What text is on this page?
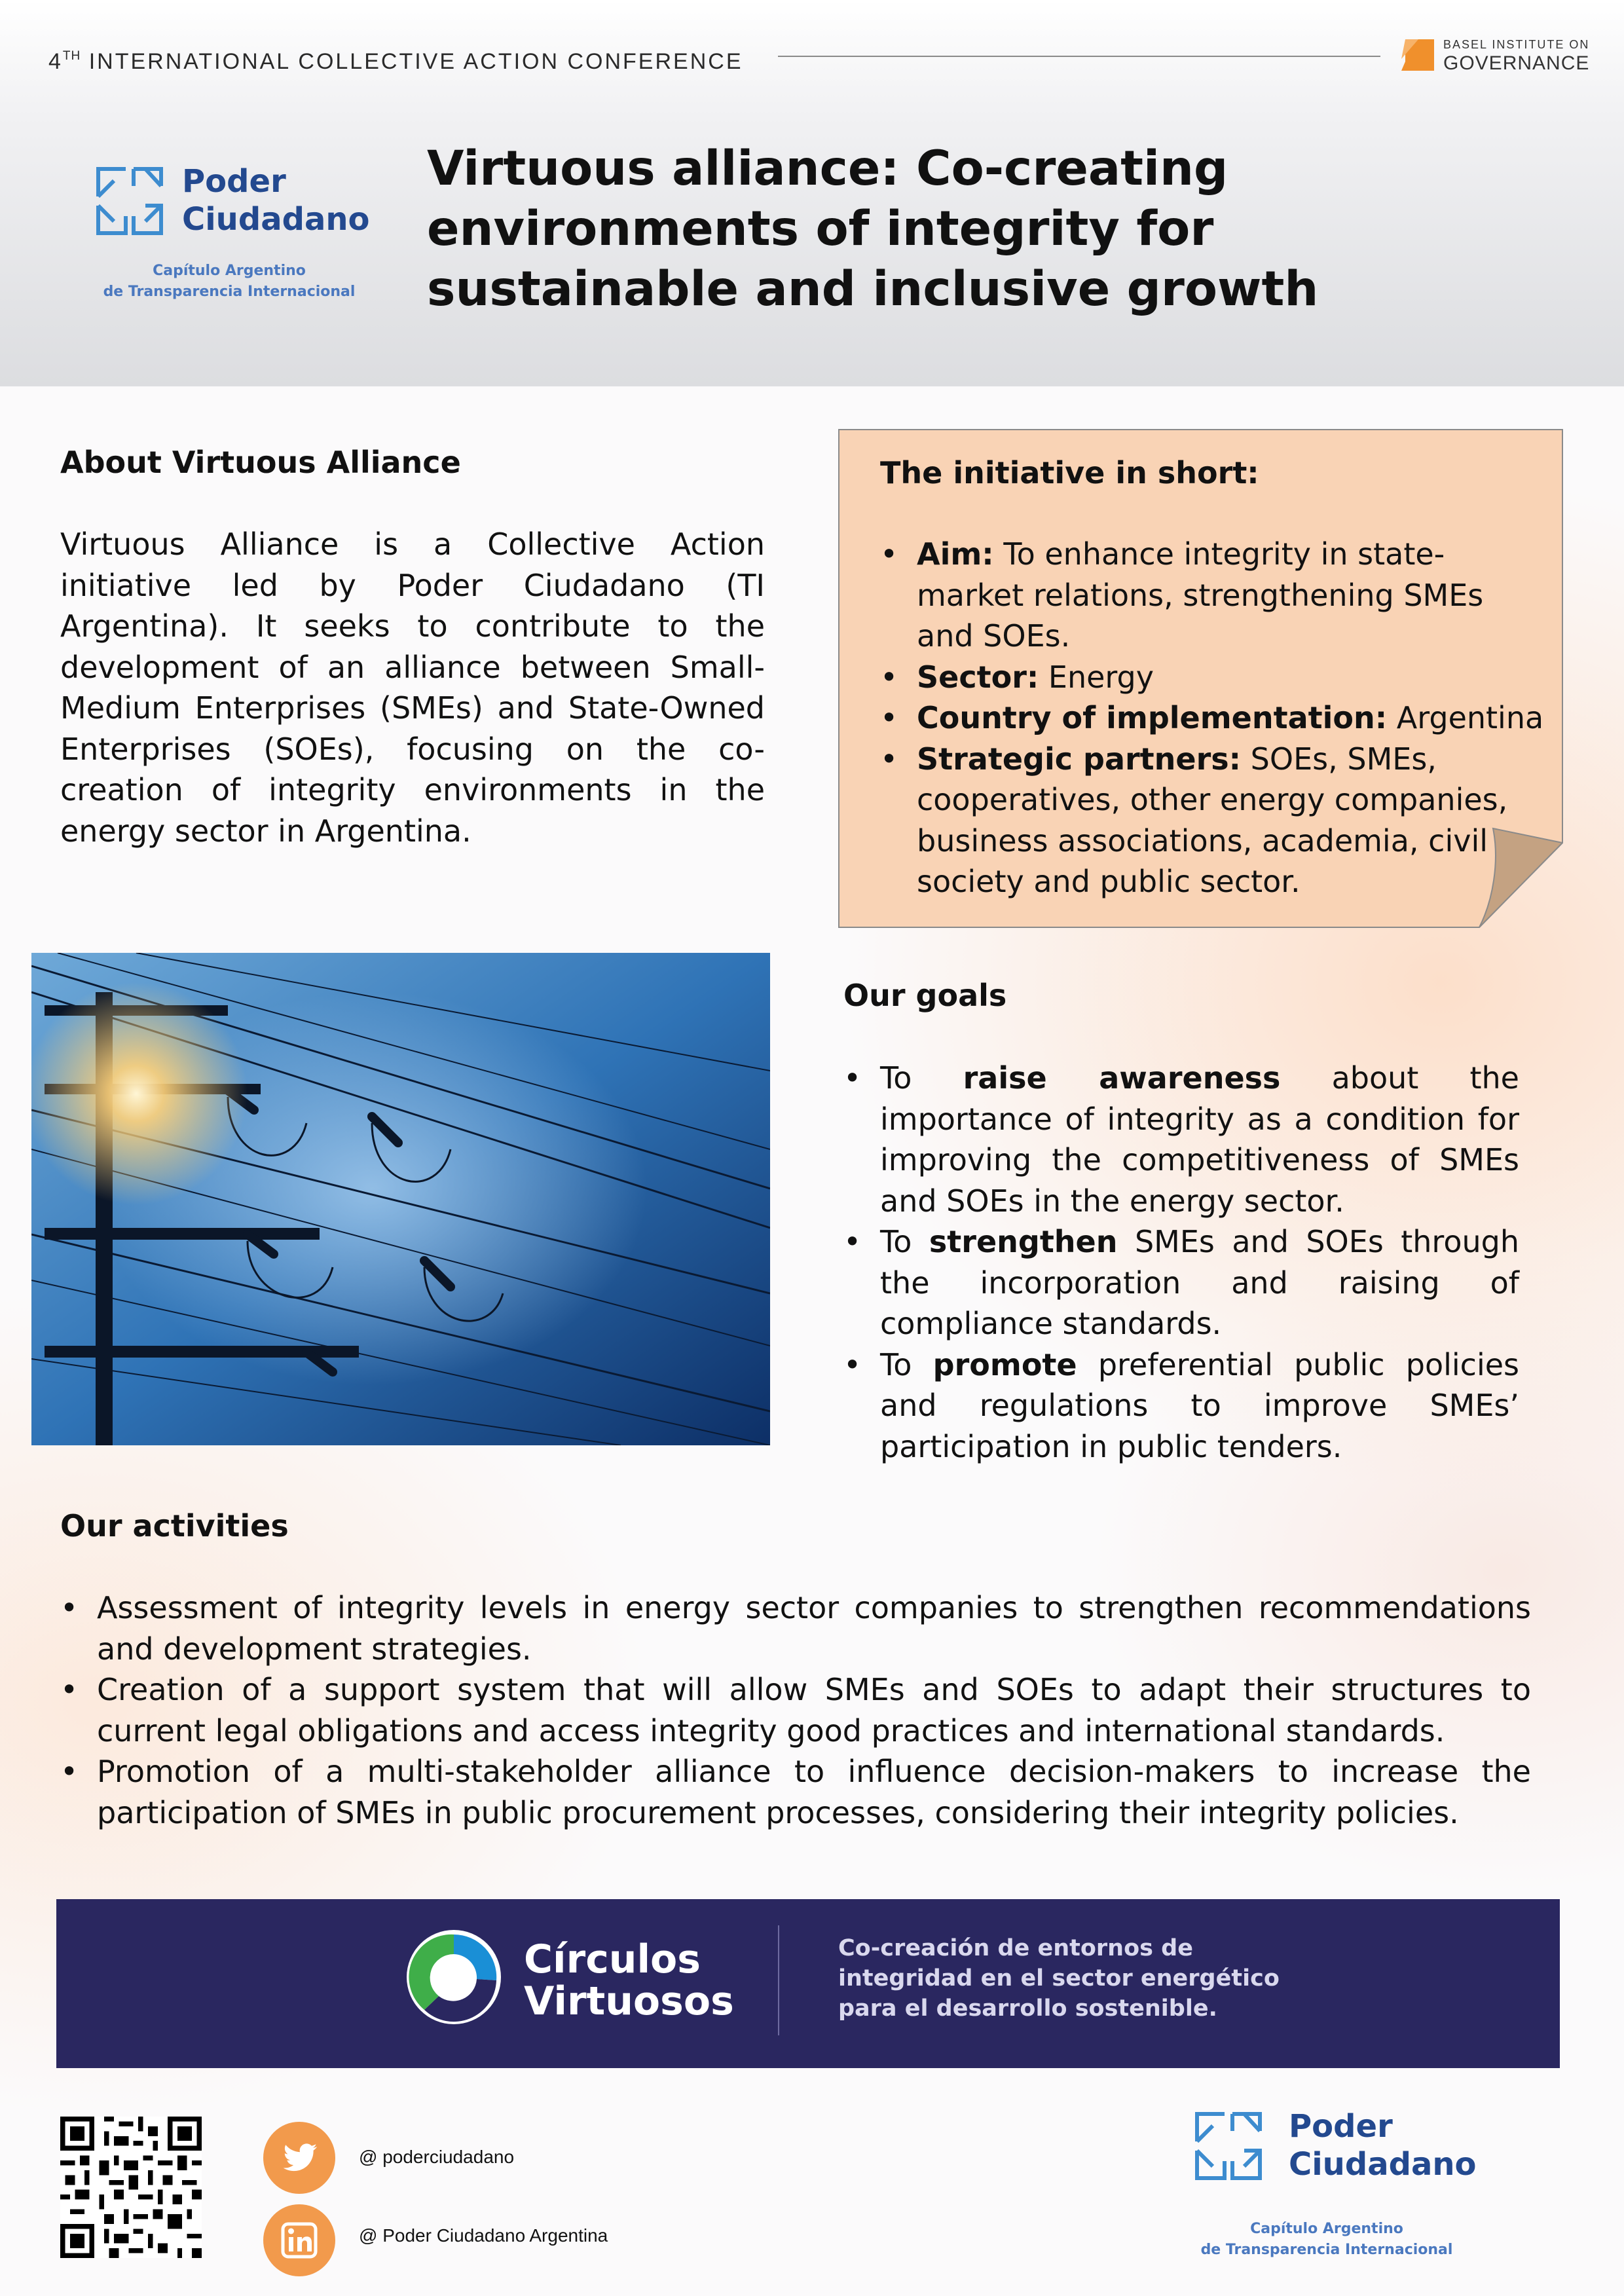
4TH INTERNATIONAL COLLECTIVE ACTION CONFERENCE
BASEL INSTITUTE ON
GOVERNANCE
Poder
Ciudadano
Capítulo Argentino
de Transparencia Internacional
Virtuous alliance: Co-creating environments of integrity for sustainable and inclusive growth
About Virtuous Alliance

Virtuous Alliance is a Collective Action initiative led by Poder Ciudadano (TI Argentina). It seeks to contribute to the development of an alliance between Small-Medium Enterprises (SMEs) and State-Owned Enterprises (SOEs), focusing on the co-creation of integrity environments in the energy sector in Argentina.

The initiative in short:
• Aim: To enhance integrity in state-market relations, strengthening SMEs and SOEs.
• Sector: Energy
• Country of implementation: Argentina
• Strategic partners: SOEs, SMEs, cooperatives, other energy companies, business associations, academia, civil society and public sector.
Our goals
• To raise awareness about the importance of integrity as a condition for improving the competitiveness of SMEs and SOEs in the energy sector.
• To strengthen SMEs and SOEs through the incorporation and raising of compliance standards.
• To promote preferential public policies and regulations to improve SMEs’ participation in public tenders.
Our activities
• Assessment of integrity levels in energy sector companies to strengthen recommendations and development strategies.
• Creation of a support system that will allow SMEs and SOEs to adapt their structures to current legal obligations and access integrity good practices and international standards.
• Promotion of a multi-stakeholder alliance to influence decision-makers to increase the participation of SMEs in public procurement processes, considering their integrity policies.
Círculos
Virtuosos
Co-creación de entornos de
integridad en el sector energético
para el desarrollo sostenible.
@ poderciudadano
@ Poder Ciudadano Argentina
Poder
Ciudadano
Capítulo Argentino
de Transparencia Internacional
